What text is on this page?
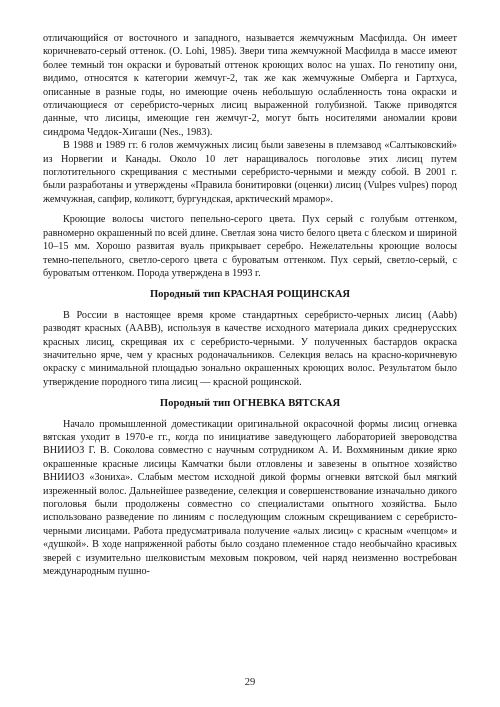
отличающийся от восточного и западного, называется жемчужным Масфилда. Он имеет коричневато-серый оттенок. (O. Lohi, 1985). Звери типа жемчужной Масфилда в массе имеют более темный тон окраски и буроватый оттенок кроющих волос на ушах. По генотипу они, видимо, относятся к категории жемчуг-2, так же как жемчужные Омберга и Гартхуса, описанные в разные годы, но имеющие очень небольшую ослабленность тона окраски и отличающиеся от серебристо-черных лисиц выраженной голубизной. Также приводятся данные, что лисицы, имеющие ген жемчуг-2, могут быть носителями аномалии крови синдрома Чеддок-Хигаши (Nes., 1983).

В 1988 и 1989 гг. 6 голов жемчужных лисиц были завезены в племзавод «Салтыковский» из Норвегии и Канады. Около 10 лет наращивалось поголовье этих лисиц путем поглотительного скрещивания с местными серебристо-черными и между собой. В 2001 г. были разработаны и утверждены «Правила бонитировки (оценки) лисиц (Vulpes vulpes) пород жемчужная, сапфир, коликотт, бургундская, арктический мрамор».

Кроющие волосы чистого пепельно-серого цвета. Пух серый с голубым оттенком, равномерно окрашенный по всей длине. Светлая зона чисто белого цвета с блеском и шириной 10–15 мм. Хорошо развитая вуаль прикрывает серебро. Нежелательны кроющие волосы темно-пепельного, светло-серого цвета с буроватым оттенком. Пух серый, светло-серый, с буроватым оттенком. Порода утверждена в 1993 г.

Породный тип КРАСНАЯ РОЩИНСКАЯ

В России в настоящее время кроме стандартных серебристо-черных лисиц (Aabb) разводят красных (AABB), используя в качестве исходного материала диких среднерусских красных лисиц, скрещивая их с серебристо-черными. У полученных бастардов окраска значительно ярче, чем у красных родоначальников. Селекция велась на красно-коричневую окраску с минимальной площадью зонально окрашенных кроющих волос. Результатом было утверждение породного типа лисиц — красной рощинской.

Породный тип ОГНЕВКА ВЯТСКАЯ

Начало промышленной доместикации оригинальной окрасочной формы лисиц огневка вятская уходит в 1970-е гг., когда по инициативе заведующего лабораторией звероводства ВНИИОЗ Г. В. Соколова совместно с научным сотрудником А. И. Вохмяниным дикие ярко окрашенные красные лисицы Камчатки были отловлены и завезены в опытное хозяйство ВНИИОЗ «Зониха». Слабым местом исходной дикой формы огневки вятской был мягкий изреженный волос. Дальнейшее разведение, селекция и совершенствование изначально дикого поголовья были продолжены совместно со специалистами опытного хозяйства. Было использовано разведение по линиям с последующим сложным скрещиванием с серебристо-черными лисицами. Работа предусматривала получение «алых лисиц» с красным «чепцом» и «душкой». В ходе напряженной работы было создано племенное стадо необычайно красивых зверей с изумительно шелковистым меховым покровом, чей наряд неизменно востребован международным пушно-

29
